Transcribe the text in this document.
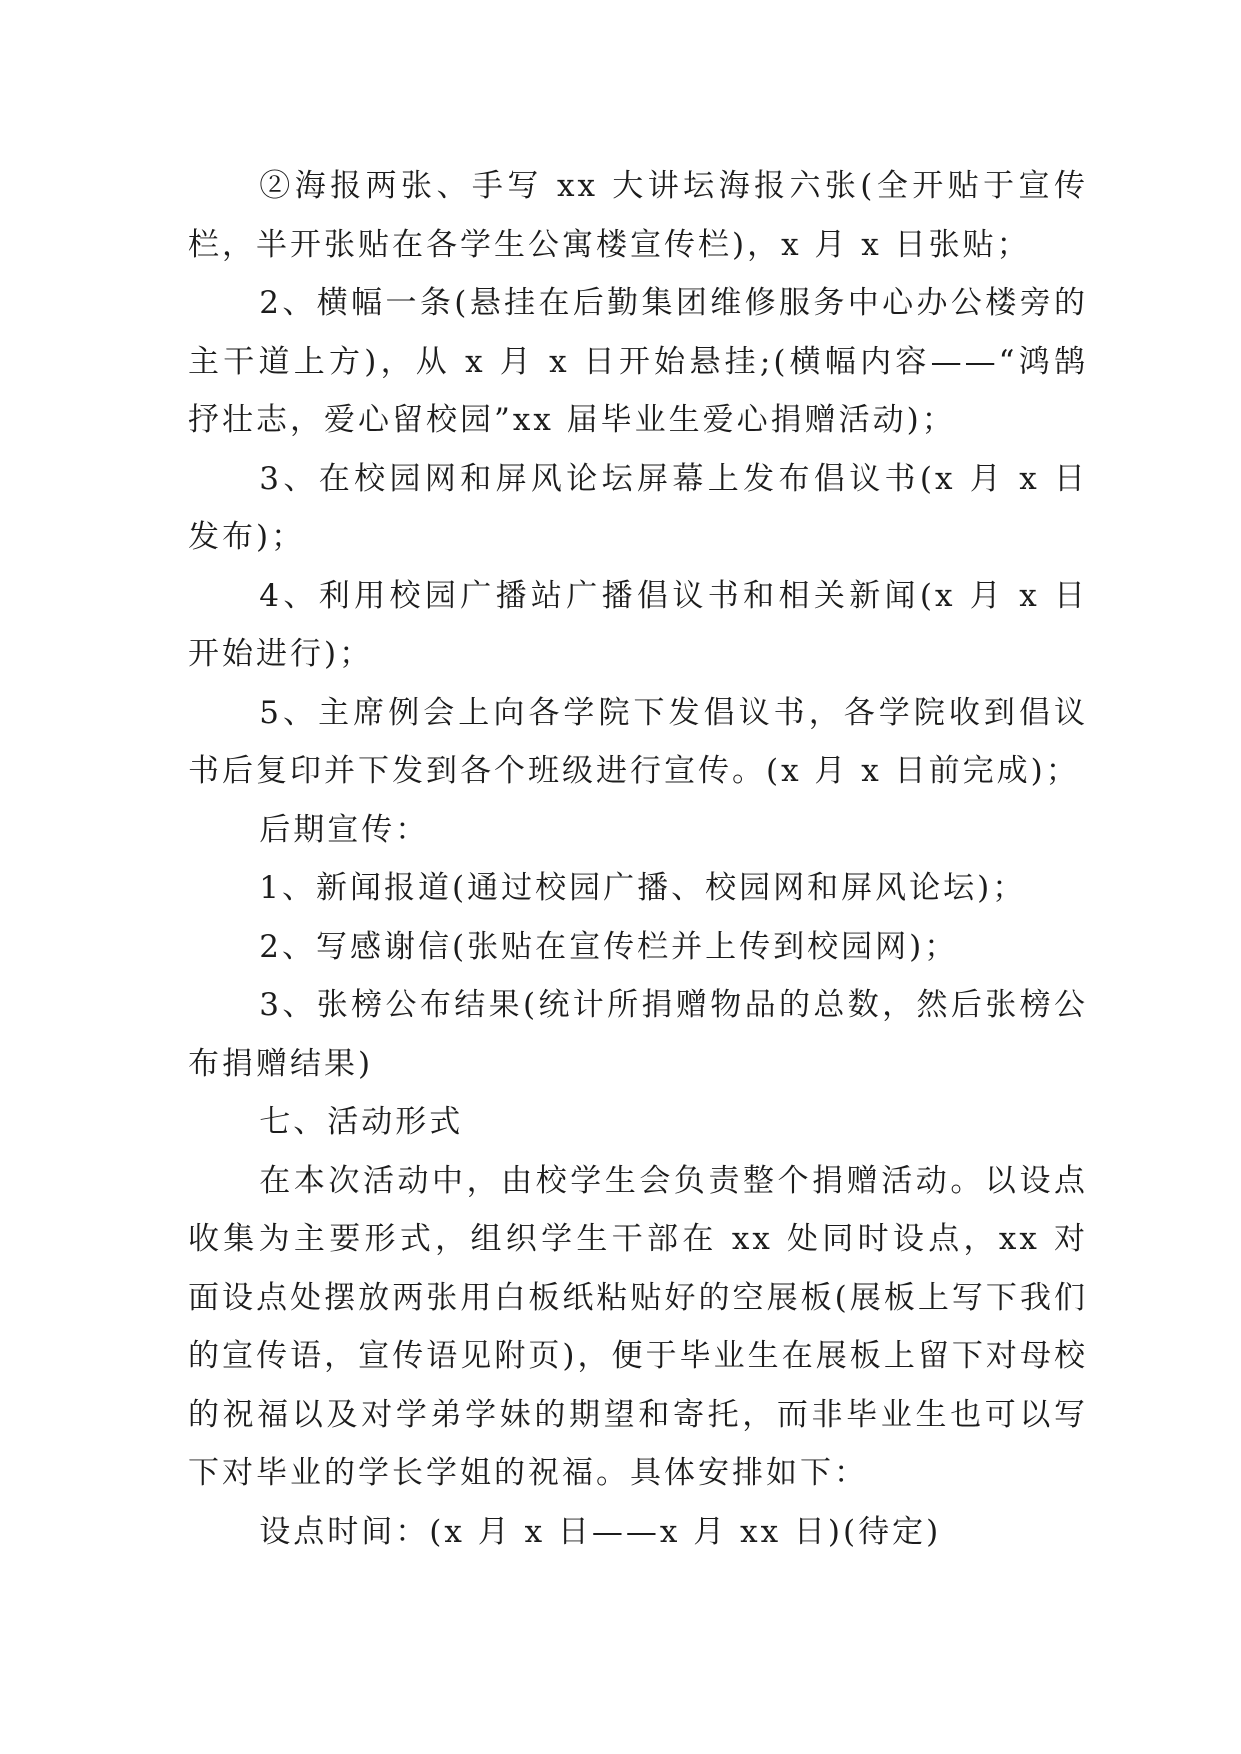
②海报两张、手写 xx 大讲坛海报六张(全开贴于宣传栏，半开张贴在各学生公寓楼宣传栏)，x 月 x 日张贴；

2、横幅一条(悬挂在后勤集团维修服务中心办公楼旁的主干道上方)，从 x 月 x 日开始悬挂;(横幅内容——“鸿鹄抒壮志，爱心留校园”xx 届毕业生爱心捐赠活动)；

3、在校园网和屏风论坛屏幕上发布倡议书(x 月 x 日发布)；

4、利用校园广播站广播倡议书和相关新闻(x 月 x 日开始进行)；

5、主席例会上向各学院下发倡议书，各学院收到倡议书后复印并下发到各个班级进行宣传。(x 月 x 日前完成)；

后期宣传：

1、新闻报道(通过校园广播、校园网和屏风论坛)；

2、写感谢信(张贴在宣传栏并上传到校园网)；

3、张榜公布结果(统计所捐赠物品的总数，然后张榜公布捐赠结果)

七、活动形式

在本次活动中，由校学生会负责整个捐赠活动。以设点收集为主要形式，组织学生干部在 xx 处同时设点，xx 对面设点处摆放两张用白板纸粘贴好的空展板(展板上写下我们的宣传语，宣传语见附页)，便于毕业生在展板上留下对母校的祝福以及对学弟学妹的期望和寄托，而非毕业生也可以写下对毕业的学长学姐的祝福。具体安排如下：

设点时间：(x 月 x 日——x 月 xx 日)(待定)
